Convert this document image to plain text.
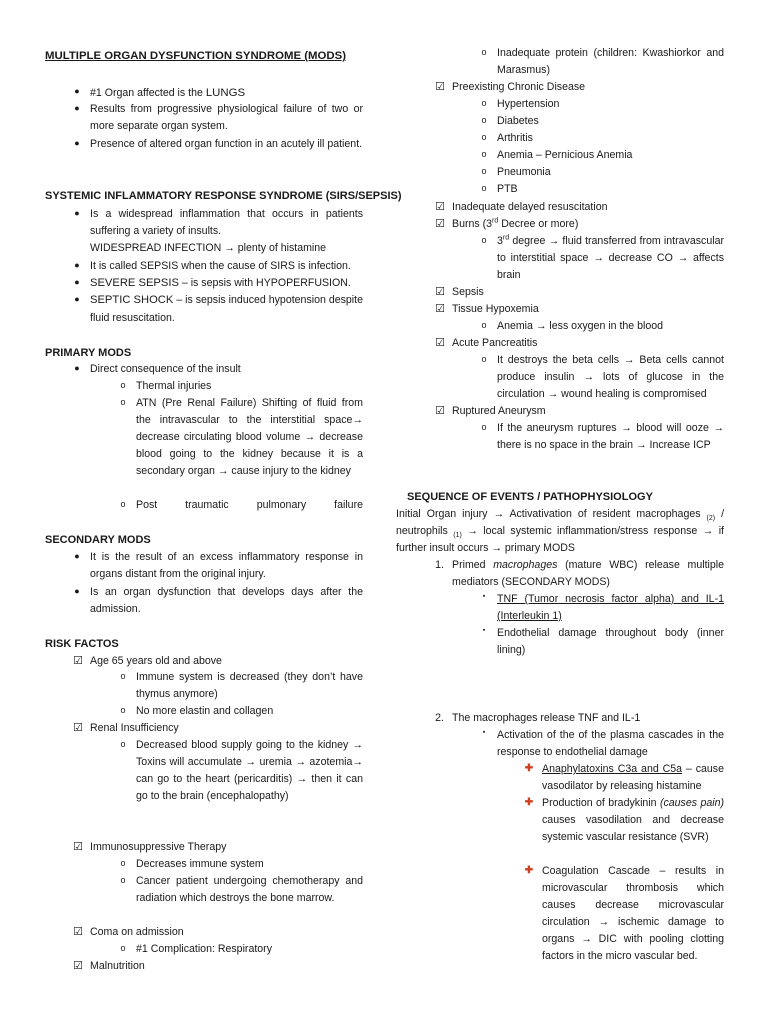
MULTIPLE ORGAN DYSFUNCTION SYNDROME (MODS)
● #1 Organ affected is the LUNGS
● Results from progressive physiological failure of two or more separate organ system.
● Presence of altered organ function in an acutely ill patient.
SYSTEMIC INFLAMMATORY RESPONSE SYNDROME (SIRS/SEPSIS)
● Is a widespread inflammation that occurs in patients suffering a variety of insults.
WIDESPREAD INFECTION → plenty of histamine
● It is called SEPSIS when the cause of SIRS is infection.
● SEVERE SEPSIS – is sepsis with HYPOPERFUSION.
● SEPTIC SHOCK – is sepsis induced hypotension despite fluid resuscitation.
PRIMARY MODS
● Direct consequence of the insult
o Thermal injuries
o ATN (Pre Renal Failure) Shifting of fluid from the intravascular to the interstitial space→ decrease circulating blood volume → decrease blood going to the kidney because it is a secondary organ → cause injury to the kidney
o Post traumatic pulmonary failure
SECONDARY MODS
● It is the result of an excess inflammatory response in organs distant from the original injury.
● Is an organ dysfunction that develops days after the admission.
RISK FACTOS
☑ Age 65 years old and above
o Immune system is decreased (they don’t have thymus anymore)
o No more elastin and collagen
☑ Renal Insufficiency
o Decreased blood supply going to the kidney → Toxins will accumulate → uremia → azotemia→ can go to the heart (pericarditis) → then it can go to the brain (encephalopathy)
☑ Immunosuppressive Therapy
o Decreases immune system
o Cancer patient undergoing chemotherapy and radiation which destroys the bone marrow.
☑ Coma on admission
o #1 Complication: Respiratory
☑ Malnutrition
o Inadequate protein (children: Kwashiorkor and Marasmus)
☑ Preexisting Chronic Disease
o Hypertension
o Diabetes
o Arthritis
o Anemia – Pernicious Anemia
o Pneumonia
o PTB
☑ Inadequate delayed resuscitation
☑ Burns (3rd Decree or more)
o 3rd degree → fluid transferred from intravascular to interstitial space → decrease CO → affects brain
☑ Sepsis
☑ Tissue Hypoxemia
o Anemia → less oxygen in the blood
☑ Acute Pancreatitis
o It destroys the beta cells → Beta cells cannot produce insulin → lots of glucose in the circulation → wound healing is compromised
☑ Ruptured Aneurysm
o If the aneurysm ruptures → blood will ooze → there is no space in the brain → Increase ICP
SEQUENCE OF EVENTS / PATHOPHYSIOLOGY
Initial Organ injury → Activativation of resident macrophages $_{(2)}$ / neutrophils $_{(1)}$ → local systemic inflammation/stress response → if further insult occurs → primary MODS
1. Primed macrophages (mature WBC) release multiple mediators (SECONDARY MODS)
▪	TNF (Tumor necrosis factor alpha) and IL-1 (Interleukin 1)
▪	Endothelial damage throughout body (inner lining)
2. The macrophages release TNF and IL-1
▪	Activation of the of the plasma cascades in the response to endothelial damage
✚ Anaphylatoxins C3a and C5a – cause vasodilator by releasing histamine
✚ Production of bradykinin (causes pain) causes vasodilation and decrease systemic vascular resistance (SVR)
✚ Coagulation Cascade – results in microvascular thrombosis which causes decrease microvascular circulation → ischemic damage to organs → DIC with pooling clotting factors in the micro vascular bed.
